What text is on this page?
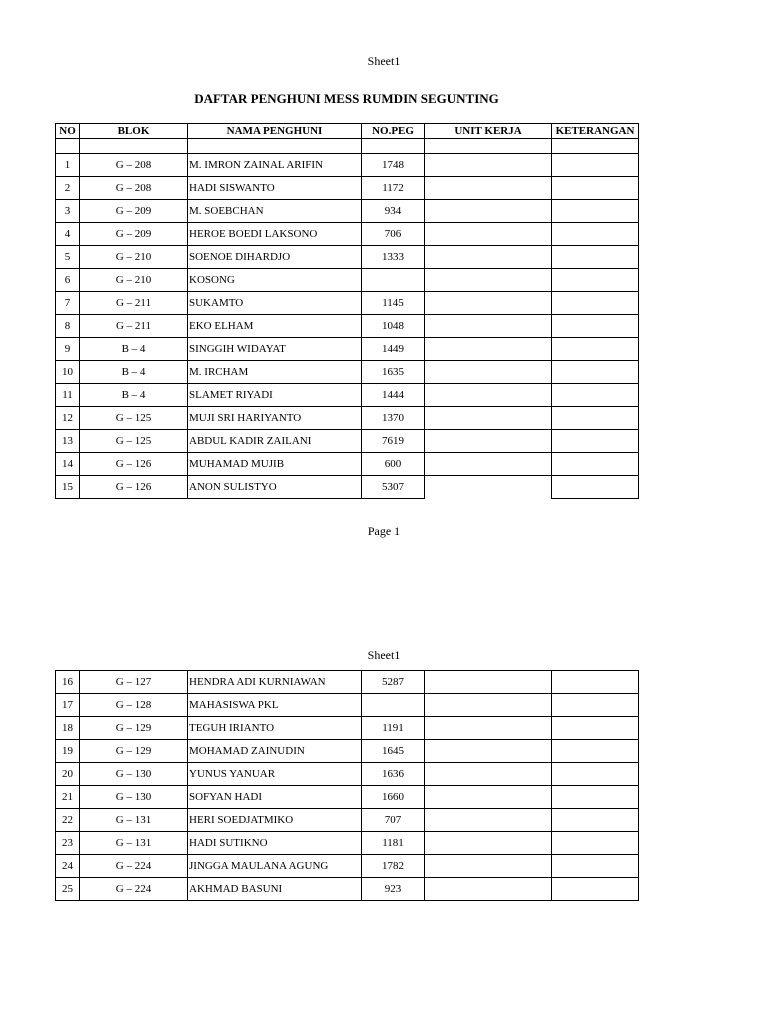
Sheet1
DAFTAR PENGHUNI MESS RUMDIN SEGUNTING
NO	BLOK	NAMA PENGHUNI	NO.PEG	UNIT KERJA	KETERANGAN

1	G – 208	M. IMRON ZAINAL ARIFIN	1748		
2	G – 208	HADI SISWANTO	1172		
3	G – 209	M. SOEBCHAN	934		
4	G – 209	HEROE BOEDI LAKSONO	706		
5	G – 210	SOENOE DIHARDJO	1333		
6	G – 210	KOSONG			
7	G – 211	SUKAMTO	1145		
8	G – 211	EKO ELHAM	1048		
9	B – 4	SINGGIH WIDAYAT	1449		
10	B – 4	M. IRCHAM	1635		
11	B – 4	SLAMET RIYADI	1444		
12	G – 125	MUJI SRI HARIYANTO	1370		
13	G – 125	ABDUL KADIR ZAILANI	7619		
14	G – 126	MUHAMAD MUJIB	600		
15	G – 126	ANON SULISTYO	5307		
Page 1
Sheet1
16	G – 127	HENDRA ADI KURNIAWAN	5287		
17	G – 128	MAHASISWA PKL			
18	G – 129	TEGUH IRIANTO	1191		
19	G – 129	MOHAMAD ZAINUDIN	1645		
20	G – 130	YUNUS YANUAR	1636		
21	G – 130	SOFYAN HADI	1660		
22	G – 131	HERI SOEDJATMIKO	707		
23	G – 131	HADI SUTIKNO	1181		
24	G – 224	JINGGA MAULANA AGUNG	1782		
25	G – 224	AKHMAD BASUNI	923		
